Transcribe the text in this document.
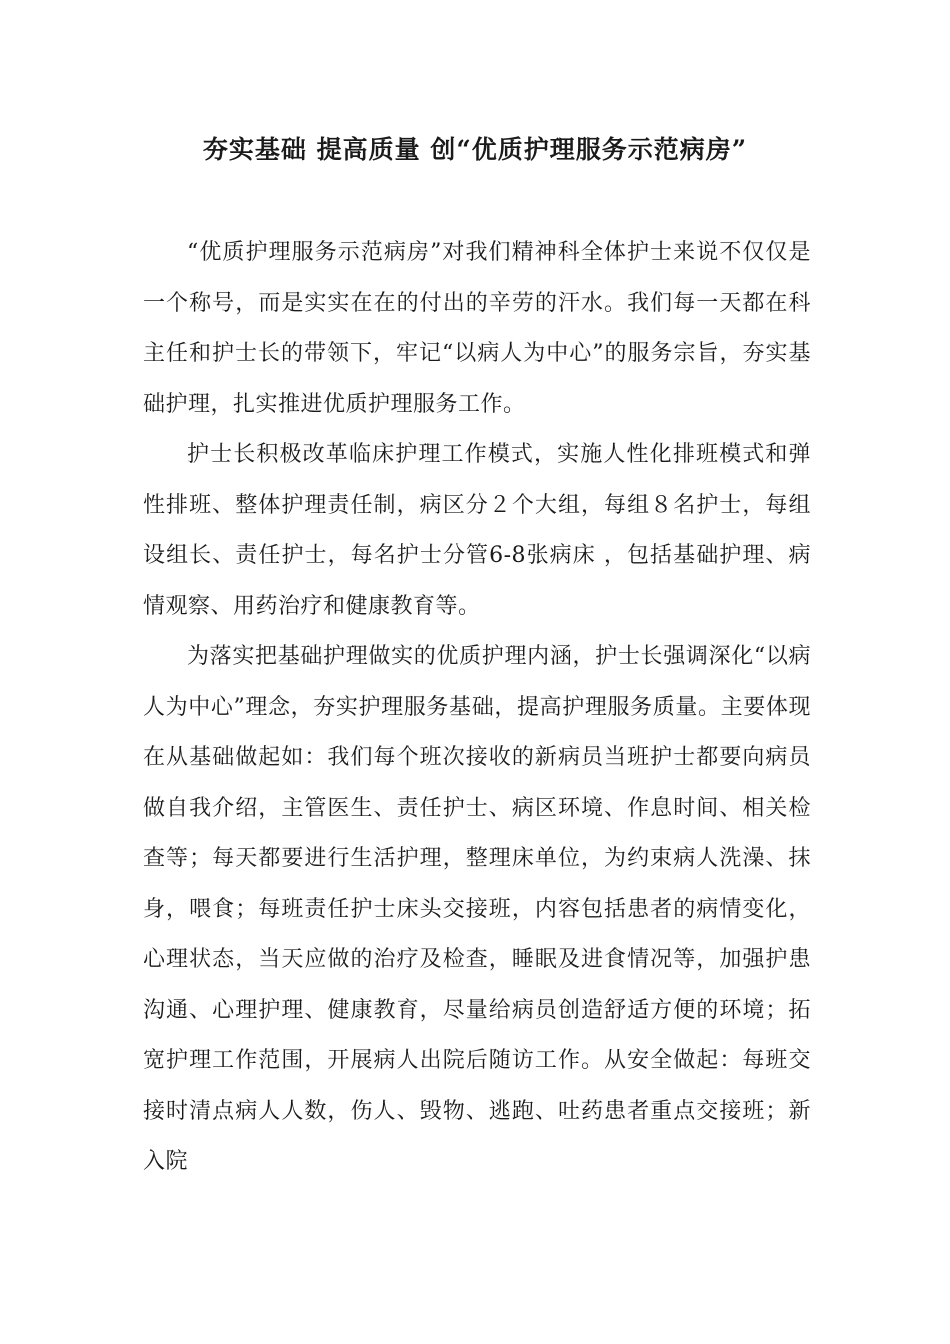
夯实基础 提高质量 创“优质护理服务示范病房”

“优质护理服务示范病房”对我们精神科全体护士来说不仅仅是一个称号，而是实实在在的付出的辛劳的汗水。我们每一天都在科主任和护士长的带领下，牢记“以病人为中心”的服务宗旨，夯实基础护理，扎实推进优质护理服务工作。

护士长积极改革临床护理工作模式，实施人性化排班模式和弹性排班、整体护理责任制，病区分２个大组，每组８名护士，每组设组长、责任护士，每名护士分管6-8张病床 ，包括基础护理、病情观察、用药治疗和健康教育等。

为落实把基础护理做实的优质护理内涵，护士长强调深化“以病人为中心”理念，夯实护理服务基础，提高护理服务质量。主要体现在从基础做起如：我们每个班次接收的新病员当班护士都要向病员做自我介绍，主管医生、责任护士、病区环境、作息时间、相关检查等；每天都要进行生活护理，整理床单位，为约束病人洗澡、抹身，喂食；每班责任护士床头交接班，内容包括患者的病情变化，心理状态，当天应做的治疗及检查，睡眠及进食情况等，加强护患沟通、心理护理、健康教育，尽量给病员创造舒适方便的环境；拓宽护理工作范围，开展病人出院后随访工作。从安全做起：每班交接时清点病人人数，伤人、毁物、逃跑、吐药患者重点交接班；新入院
